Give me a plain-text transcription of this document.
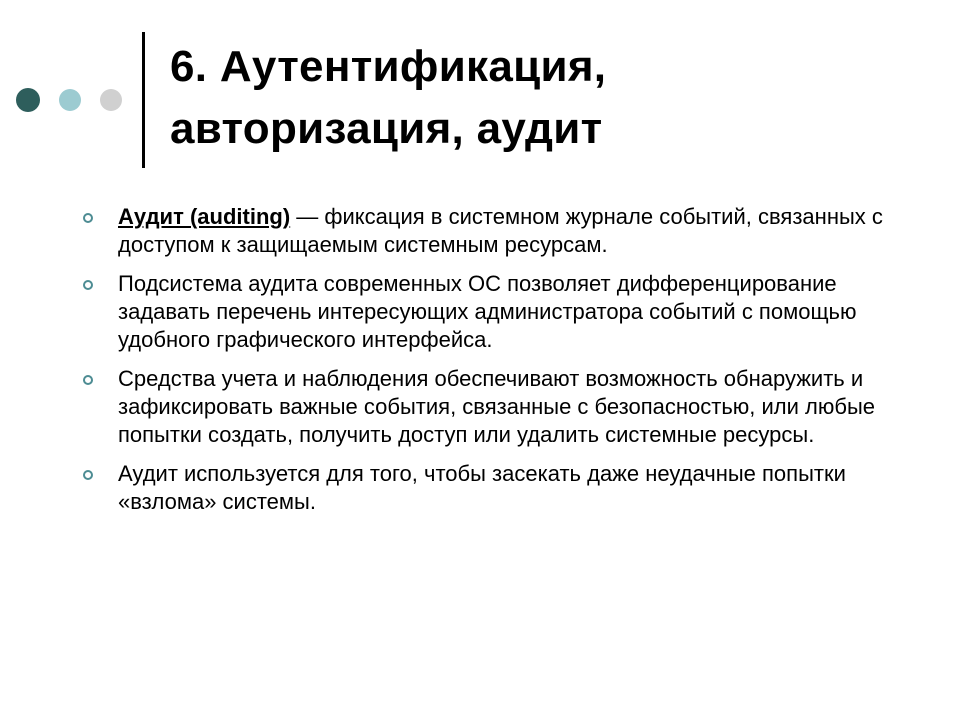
6. Аутентификация,
авторизация, аудит
Аудит (auditing) — фиксация в системном журнале событий, связанных с доступом к защищаемым системным ресурсам.
Подсистема аудита современных ОС позволяет дифференцирование задавать перечень интересующих администратора событий с помощью удобного графического интерфейса.
Средства учета и наблюдения обеспечивают возможность обнаружить и зафиксировать важные события, связанные с безопасностью, или любые попытки создать, получить доступ или удалить системные ресурсы.
Аудит используется для того, чтобы засекать даже неудачные попытки «взлома» системы.
